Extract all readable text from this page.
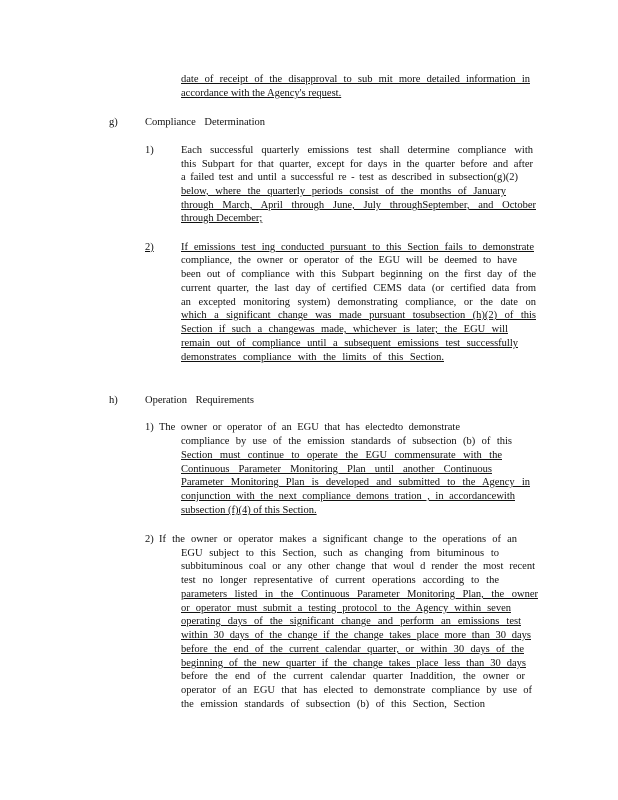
date of receipt of the disapproval to sub mit more detailed information in
accordance with the Agency's request.
g)	Compliance Determination
1)	Each successful quarterly emissions test shall determine compliance with
this Subpart for that quarter, except for days in the quarter before and after
a failed test and until a successful re - test as described in subsection(g)(2)
below, where the quarterly periods consist of the months of January
through March, April through June, July throughSeptember, and October
through December;
2)	If emissions test ing conducted pursuant to this Section fails to demonstrate
compliance, the owner or operator of the EGU will be deemed to have
been out of compliance with this Subpart beginning on the first day of the
current quarter, the last day of certified CEMS data (or certified data from
an excepted monitoring system) demonstrating compliance, or the date on
which a significant change was made pursuant tosubsection (h)(2) of this
Section if such a changewas made, whichever is later; the EGU will
remain out of compliance until a subsequent emissions test successfully
demonstrates compliance with the limits of this Section.
h)	Operation Requirements
1) The owner or operator of an EGU that has electedto demonstrate
compliance by use of the emission standards of subsection (b) of this
Section must continue to operate the EGU commensurate with the
Continuous Parameter Monitoring Plan until another Continuous
Parameter Monitoring Plan is developed and submitted to the Agency in
conjunction with the next compliance demons tration , in accordancewith
subsection (f)(4) of this Section.
2) If the owner or operator makes a significant change to the operations of an
EGU subject to this Section, such as changing from bituminous to
subbituminous coal or any other change that woul d render the most recent
test no longer representative of current operations according to the
parameters listed in the Continuous Parameter Monitoring Plan, the owner
or operator must submit a testing protocol to the Agency within seven
operating days of the significant change and perform an emissions test
within 30 days of the change if the change takes place more than 30 days
before the end of the current calendar quarter, or within 30 days of the
beginning of the new quarter if the change takes place less than 30 days
before the end of the current calendar quarter Inaddition, the owner or
operator of an EGU that has elected to demonstrate compliance by use of
the emission standards of subsection (b) of this Section, Section
